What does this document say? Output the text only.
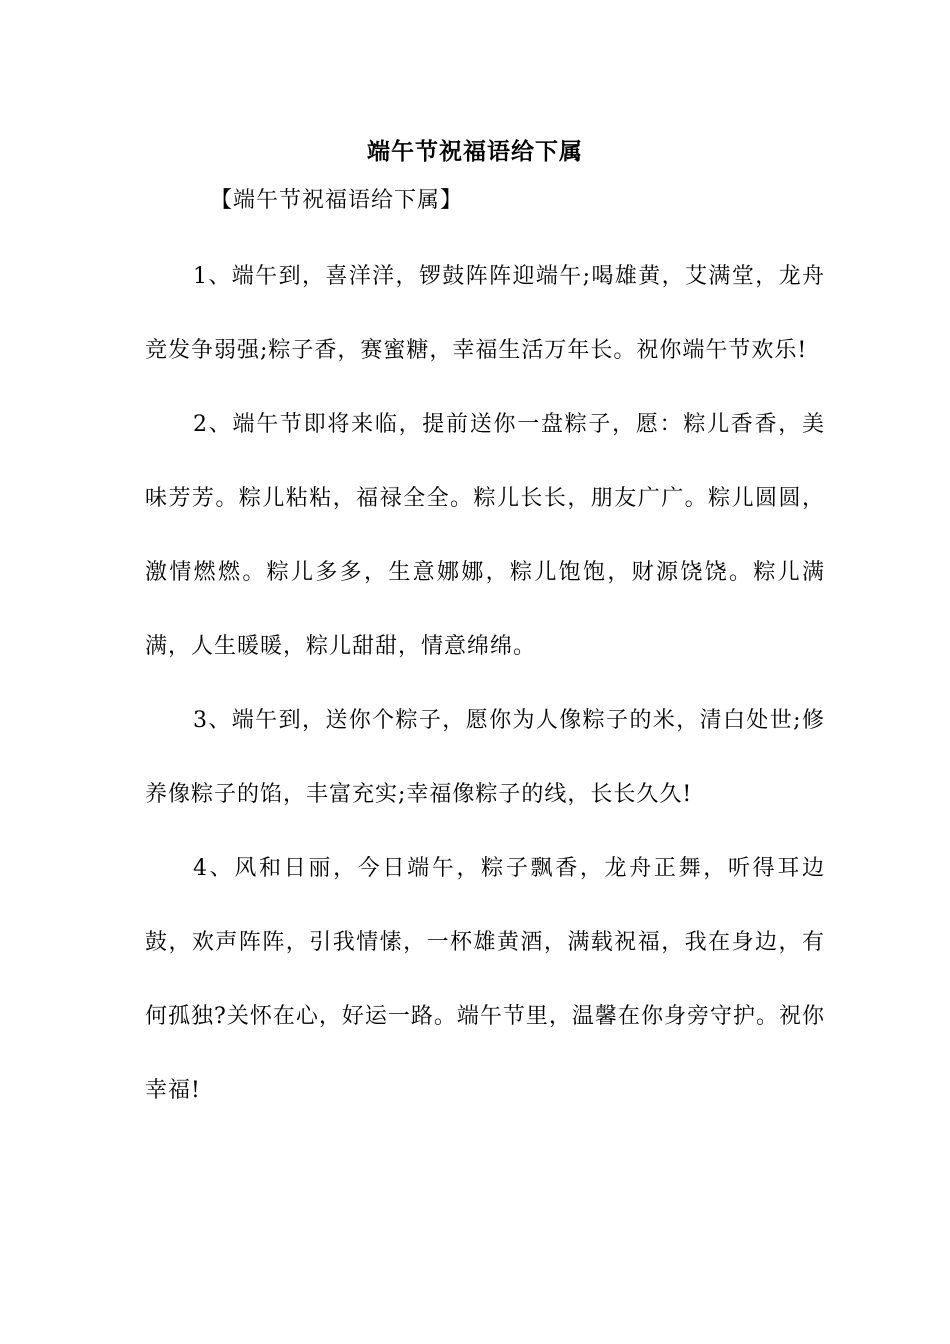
端午节祝福语给下属
【端午节祝福语给下属】

1、端午到，喜洋洋，锣鼓阵阵迎端午;喝雄黄，艾满堂，龙舟竞发争弱强;粽子香，赛蜜糖，幸福生活万年长。祝你端午节欢乐!

2、端午节即将来临，提前送你一盘粽子，愿：粽儿香香，美味芳芳。粽儿粘粘，福禄全全。粽儿长长，朋友广广。粽儿圆圆，激情燃燃。粽儿多多，生意娜娜，粽儿饱饱，财源饶饶。粽儿满满，人生暖暖，粽儿甜甜，情意绵绵。

3、端午到，送你个粽子，愿你为人像粽子的米，清白处世;修养像粽子的馅，丰富充实;幸福像粽子的线，长长久久!

4、风和日丽，今日端午，粽子飘香，龙舟正舞，听得耳边鼓，欢声阵阵，引我情愫，一杯雄黄酒，满载祝福，我在身边，有何孤独?关怀在心，好运一路。端午节里，温馨在你身旁守护。祝你幸福!
